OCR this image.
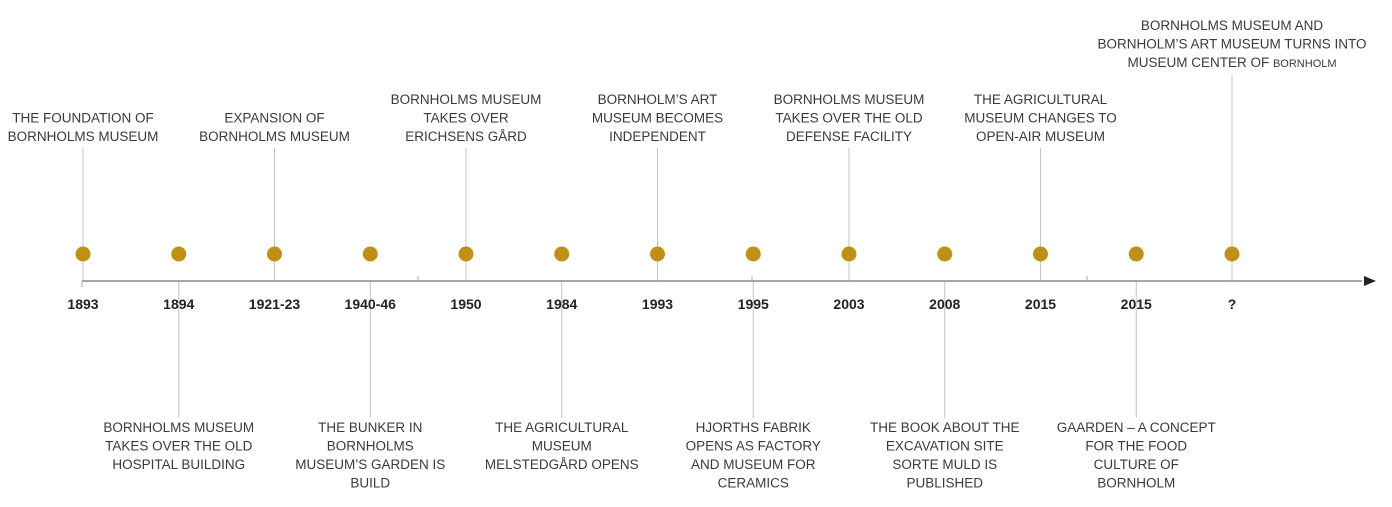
1893	1894	1921-23	1940-46	1950	1984	1993	1995	2003	2008	2015	2015	?
THE FOUNDATION OF
BORNHOLMS MUSEUM
BORNHOLMS MUSEUM
TAKES OVER THE OLD
HOSPITAL BUILDING
EXPANSION OF
BORNHOLMS MUSEUM
THE BUNKER IN
BORNHOLMS
MUSEUM’S GARDEN IS
BUILD
BORNHOLMS MUSEUM
TAKES OVER
ERICHSENS GÅRD
THE AGRICULTURAL
MUSEUM
MELSTEDGÅRD OPENS
BORNHOLM’S ART
MUSEUM BECOMES
INDEPENDENT
HJORTHS FABRIK
OPENS AS FACTORY
AND MUSEUM FOR
CERAMICS
BORNHOLMS MUSEUM
TAKES OVER THE OLD
DEFENSE FACILITY
THE BOOK ABOUT THE
EXCAVATION SITE
SORTE MULD IS
PUBLISHED
THE AGRICULTURAL
MUSEUM CHANGES TO
OPEN-AIR MUSEUM
GAARDEN – A CONCEPT
FOR THE FOOD
CULTURE OF
BORNHOLM
BORNHOLMS MUSEUM AND
BORNHOLM’S ART MUSEUM TURNS INTO
MUSEUM CENTER OF BORNHOLM
